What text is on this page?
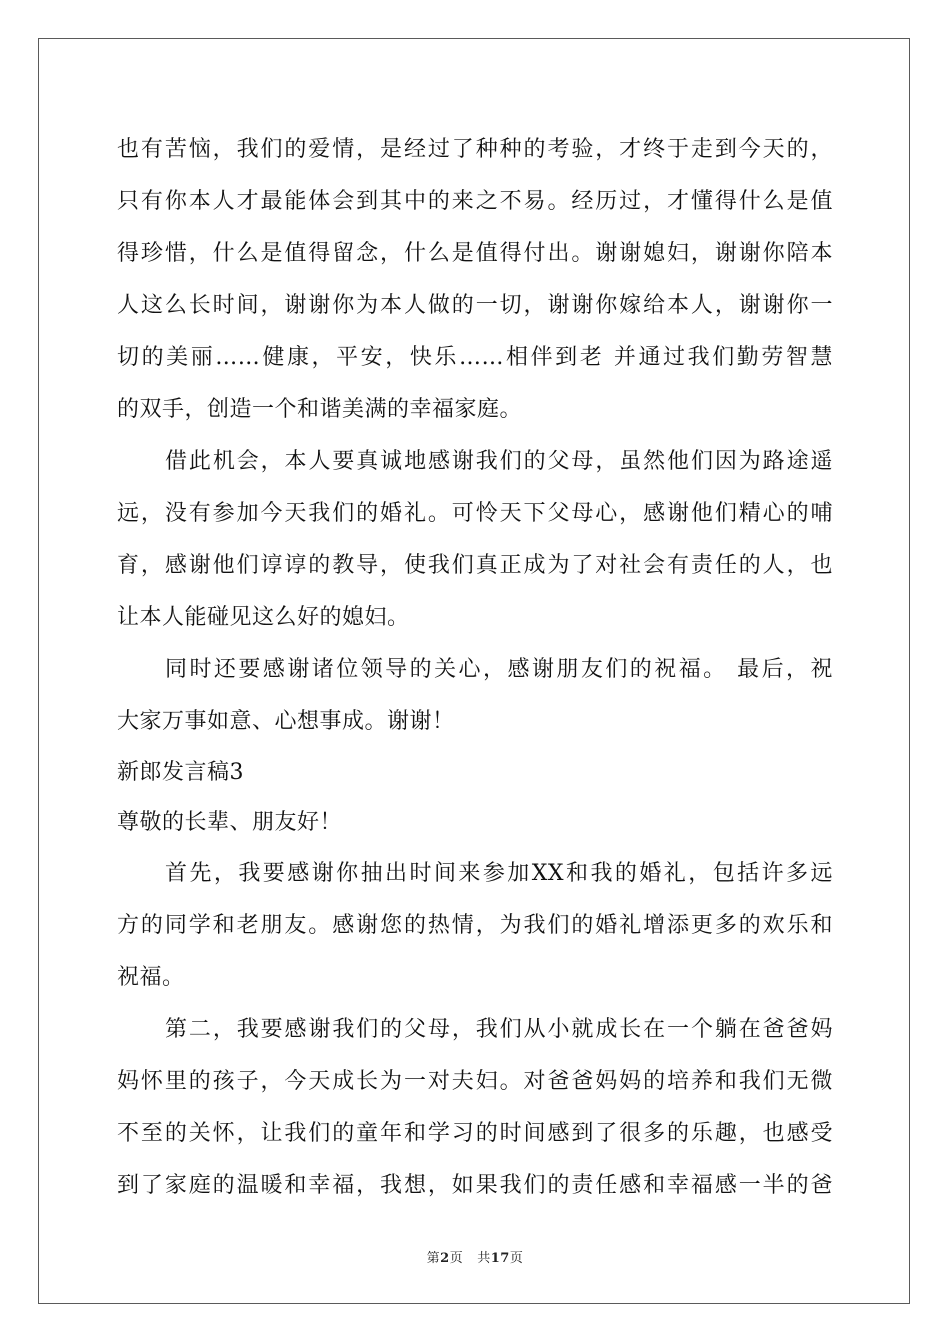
也有苦恼，我们的爱情，是经过了种种的考验，才终于走到今天的，
只有你本人才最能体会到其中的来之不易。经历过，才懂得什么是值
得珍惜，什么是值得留念，什么是值得付出。谢谢媳妇，谢谢你陪本
人这么长时间，谢谢你为本人做的一切，谢谢你嫁给本人，谢谢你一
切的美丽……健康，平安，快乐……相伴到老 并通过我们勤劳智慧
的双手，创造一个和谐美满的幸福家庭。
借此机会，本人要真诚地感谢我们的父母，虽然他们因为路途遥
远，没有参加今天我们的婚礼。可怜天下父母心，感谢他们精心的哺
育，感谢他们谆谆的教导，使我们真正成为了对社会有责任的人，也
让本人能碰见这么好的媳妇。
同时还要感谢诸位领导的关心，感谢朋友们的祝福。 最后，祝
大家万事如意、心想事成。谢谢！
新郎发言稿3
尊敬的长辈、朋友好！
首先，我要感谢你抽出时间来参加XX和我的婚礼，包括许多远
方的同学和老朋友。感谢您的热情，为我们的婚礼增添更多的欢乐和
祝福。
第二，我要感谢我们的父母，我们从小就成长在一个躺在爸爸妈
妈怀里的孩子，今天成长为一对夫妇。对爸爸妈妈的培养和我们无微
不至的关怀，让我们的童年和学习的时间感到了很多的乐趣，也感受
到了家庭的温暖和幸福，我想，如果我们的责任感和幸福感一半的爸
第2页 共17页
